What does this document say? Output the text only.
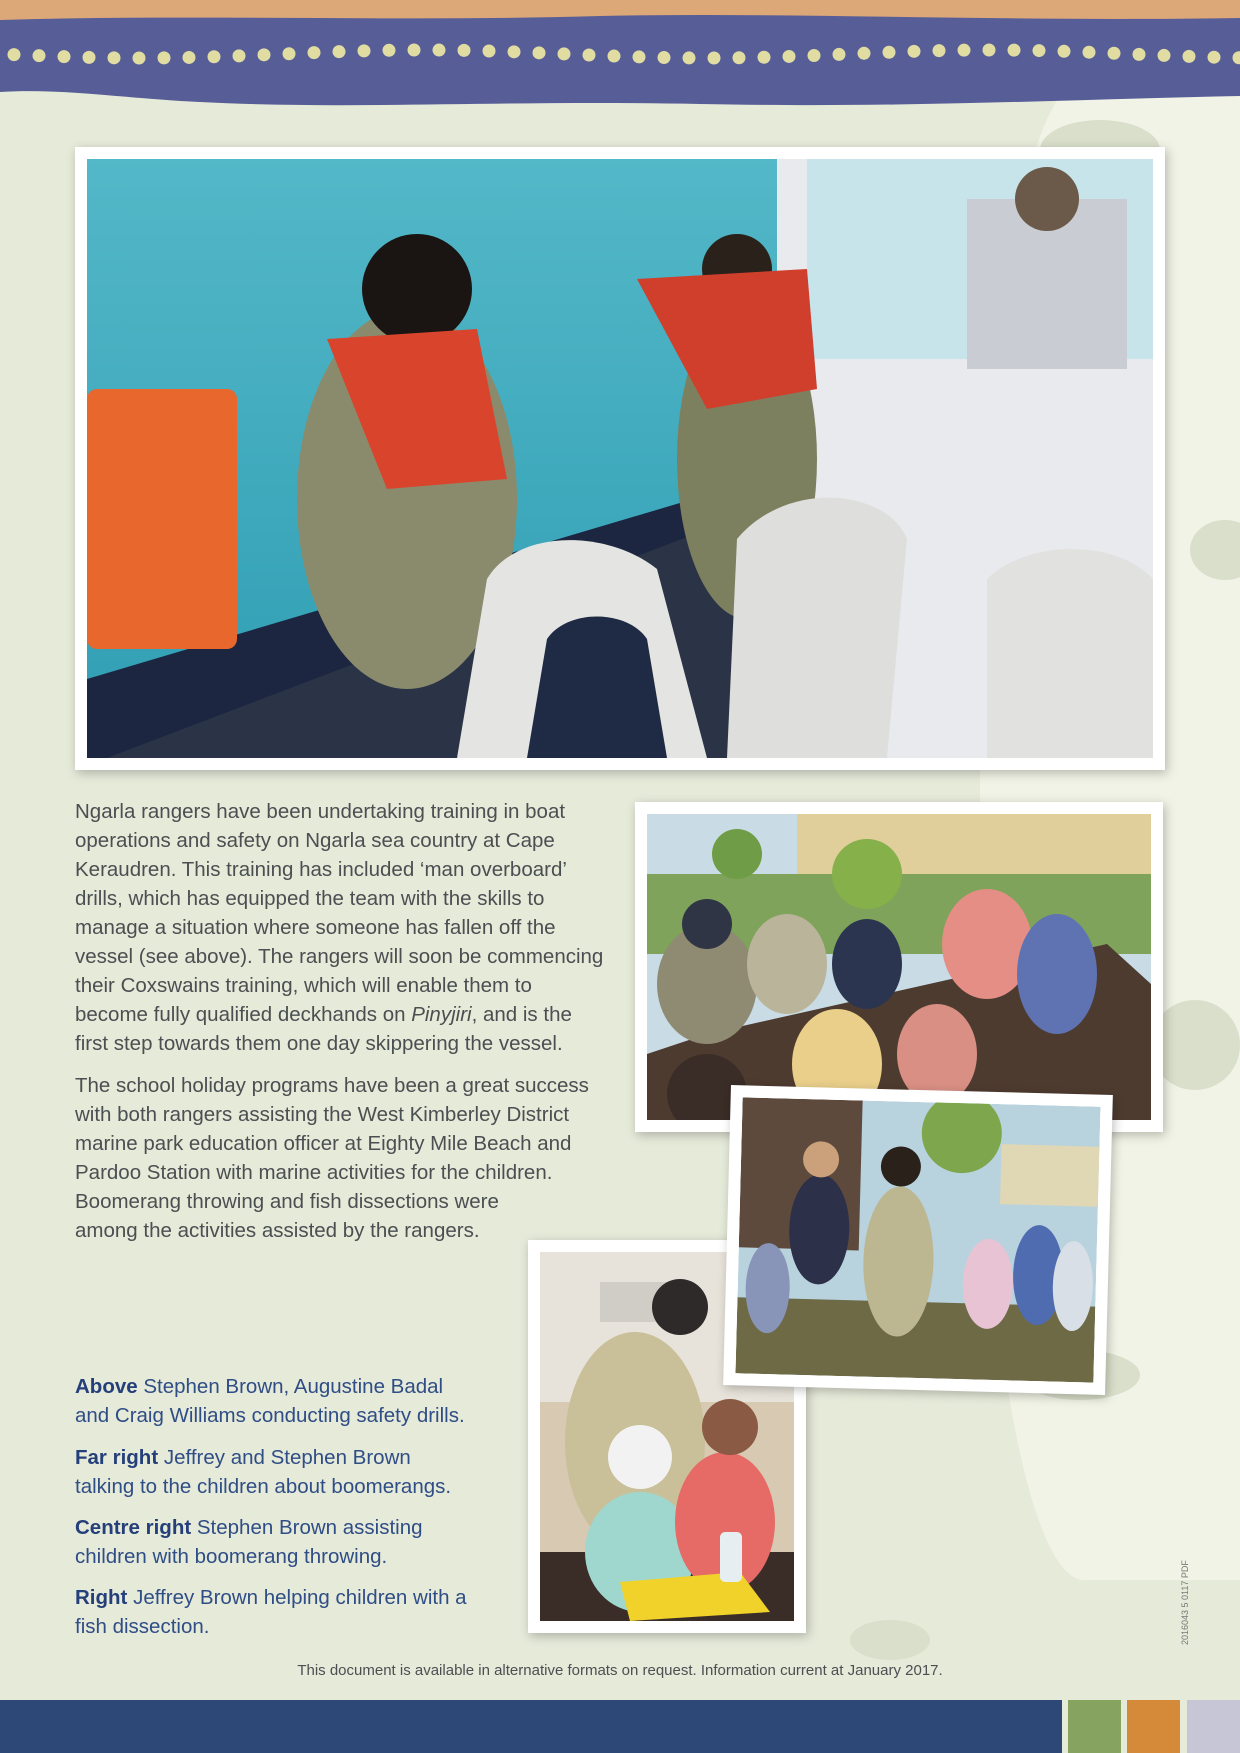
Ngarla rangers have been undertaking training in boat
operations and safety on Ngarla sea country at Cape
Keraudren. This training has included ‘man overboard’
drills, which has equipped the team with the skills to
manage a situation where someone has fallen off the
vessel (see above). The rangers will soon be commencing
their Coxswains training, which will enable them to
become fully qualified deckhands on Pinyjiri, and is the
first step towards them one day skippering the vessel.

The school holiday programs have been a great success
with both rangers assisting the West Kimberley District
marine park education officer at Eighty Mile Beach and
Pardoo Station with marine activities for the children.
Boomerang throwing and fish dissections were
among the activities assisted by the rangers.

Above Stephen Brown, Augustine Badal
and Craig Williams conducting safety drills.

Far right Jeffrey and Stephen Brown
talking to the children about boomerangs.

Centre right Stephen Brown assisting
children with boomerang throwing.

Right Jeffrey Brown helping children with a
fish dissection.

This document is available in alternative formats on request. Information current at January 2017.
2016043 5 0117 PDF
